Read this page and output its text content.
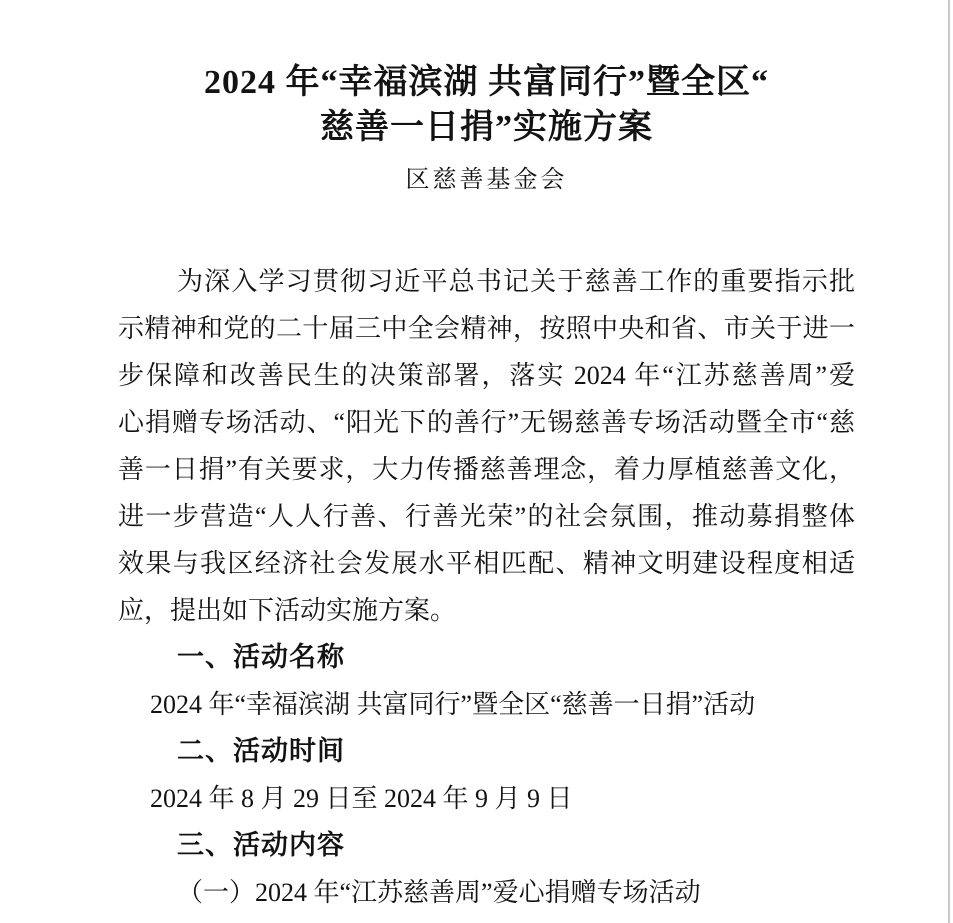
2024 年“幸福滨湖 共富同行”暨全区“
慈善一日捐”实施方案
区慈善基金会
为深入学习贯彻习近平总书记关于慈善工作的重要指示批
示精神和党的二十届三中全会精神，按照中央和省、市关于进一
步保障和改善民生的决策部署，落实 2024 年“江苏慈善周”爱
心捐赠专场活动、“阳光下的善行”无锡慈善专场活动暨全市“慈
善一日捐”有关要求，大力传播慈善理念，着力厚植慈善文化，
进一步营造“人人行善、行善光荣”的社会氛围，推动募捐整体
效果与我区经济社会发展水平相匹配、精神文明建设程度相适
应，提出如下活动实施方案。
一、活动名称
2024 年“幸福滨湖 共富同行”暨全区“慈善一日捐”活动
二、活动时间
2024 年 8 月 29 日至 2024 年 9 月 9 日
三、活动内容
（一）2024 年“江苏慈善周”爱心捐赠专场活动
